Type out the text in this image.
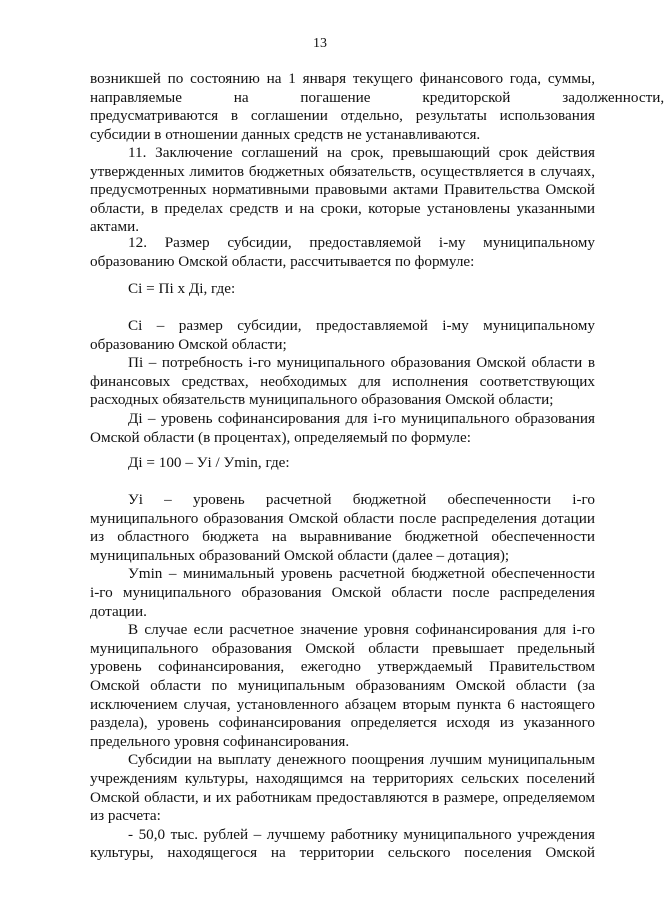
13
возникшей по состоянию на 1 января текущего финансового года, суммы,
направляемые на погашение кредиторской задолженности,
предусматриваются в соглашении отдельно, результаты использования
субсидии в отношении данных средств не устанавливаются.
11. Заключение соглашений на срок, превышающий срок действия
утвержденных лимитов бюджетных обязательств, осуществляется в случаях,
предусмотренных нормативными правовыми актами Правительства Омской
области, в пределах средств и на сроки, которые установлены указанными
актами.
12. Размер субсидии, предоставляемой i-му муниципальному
образованию Омской области, рассчитывается по формуле:
Ci = Пi x Дi, где:
Ci – размер субсидии, предоставляемой i-му муниципальному
образованию Омской области;
Пi – потребность i-го муниципального образования Омской области в
финансовых средствах, необходимых для исполнения соответствующих
расходных обязательств муниципального образования Омской области;
Дi – уровень софинансирования для i-го муниципального образования
Омской области (в процентах), определяемый по формуле:
Дi = 100 – Уi / Уmin, где:
Уi – уровень расчетной бюджетной обеспеченности i-го
муниципального образования Омской области после распределения дотации
из областного бюджета на выравнивание бюджетной обеспеченности
муниципальных образований Омской области (далее – дотация);
Уmin – минимальный уровень расчетной бюджетной обеспеченности
i-го муниципального образования Омской области после распределения
дотации.
В случае если расчетное значение уровня софинансирования для i-го
муниципального образования Омской области превышает предельный
уровень софинансирования, ежегодно утверждаемый Правительством
Омской области по муниципальным образованиям Омской области (за
исключением случая, установленного абзацем вторым пункта 6 настоящего
раздела), уровень софинансирования определяется исходя из указанного
предельного уровня софинансирования.
Субсидии на выплату денежного поощрения лучшим муниципальным
учреждениям культуры, находящимся на территориях сельских поселений
Омской области, и их работникам предоставляются в размере, определяемом
из расчета:
- 50,0 тыс. рублей – лучшему работнику муниципального учреждения
культуры, находящегося на территории сельского поселения Омской
